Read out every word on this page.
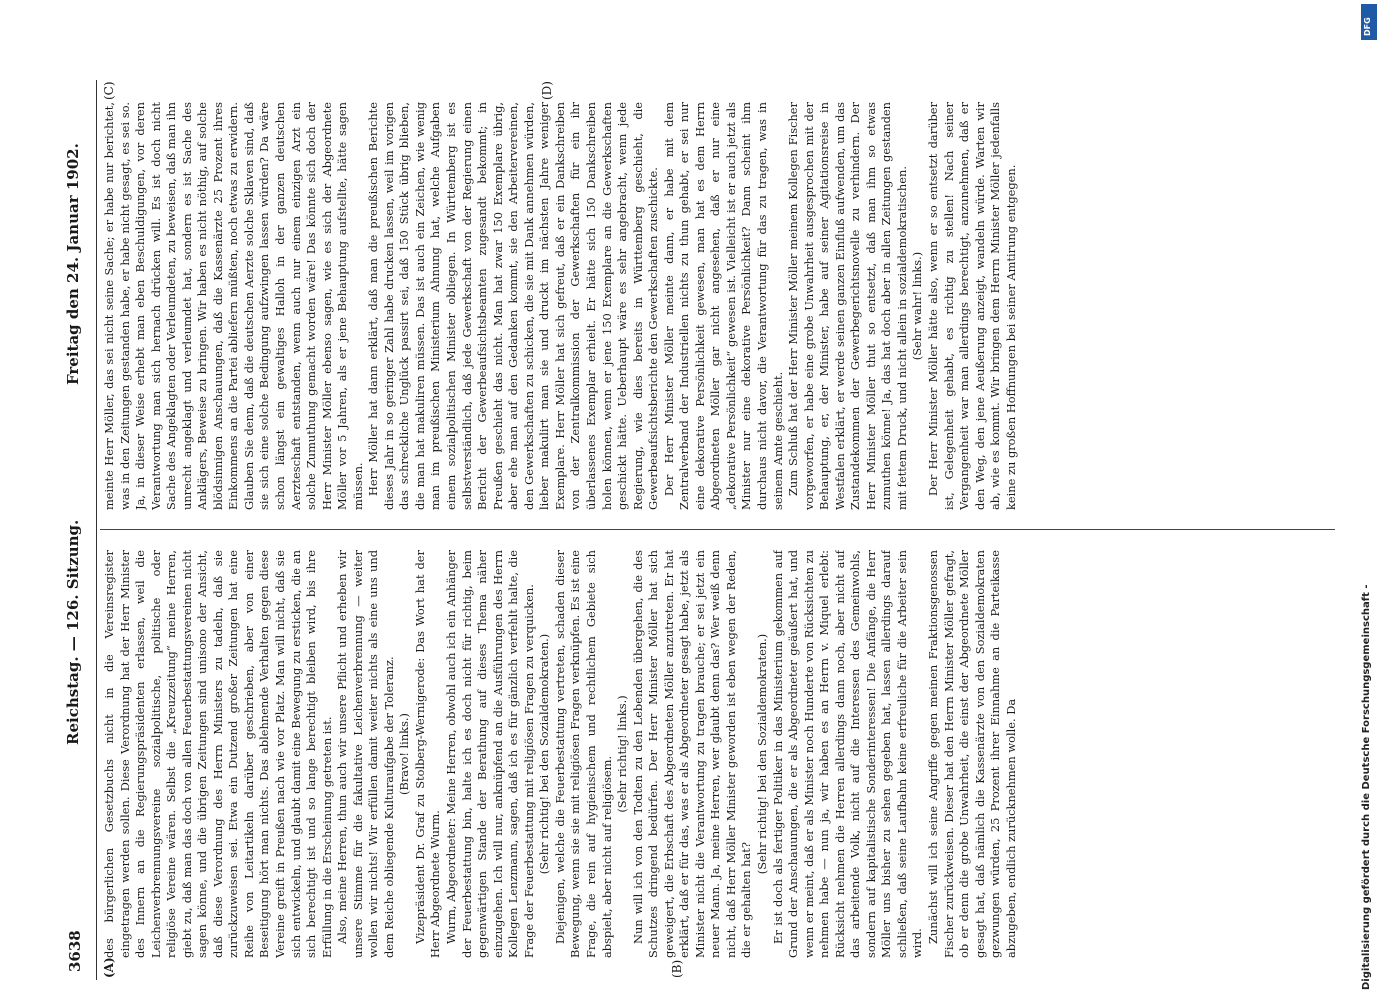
3638
Reichstag. — 126. Sitzung.
Freitag den 24. Januar 1902.
(A)	(B)
(C)	(D)

des bürgerlichen Gesetzbuchs nicht in die Vereinsregister eingetragen werden sollen. Diese Verordnung hat der Herr Minister des Innern an die Regierungspräsidenten erlassen, weil die Leichenverbrennungsvereine sozialpolitische, politische oder religiöse Vereine wären. Selbst die „Kreuzzeitung“ meine Herren, giebt zu, daß man das doch von allen Feuerbestattungsvereinen nicht sagen könne, und die übrigen Zeitungen sind unisono der Ansicht, daß diese Verordnung des Herrn Ministers zu tadeln, daß sie zurückzuweisen sei. Etwa ein Dutzend großer Zeitungen hat eine Reihe von Leitartikeln darüber geschrieben, aber von einer Beseitigung hört man nichts. Das ablehnende Verhalten gegen diese Vereine greift in Preußen nach wie vor Platz. Man will nicht, daß sie sich entwickeln, und glaubt damit eine Bewegung zu ersticken, die an sich berechtigt ist und so lange berechtigt bleiben wird, bis ihre Erfüllung in die Erscheinung getreten ist. Also, meine Herren, thun auch wir unsere Pflicht und erheben wir unsere Stimme für die fakultative Leichenverbrennung — weiter wollen wir nichts! Wir erfüllen damit weiter nichts als eine uns und dem Reiche obliegende Kulturaufgabe der Toleranz. (Bravo! links.) Vizepräsident Dr. Graf zu Stolberg-Wernigerode: Das Wort hat der Herr Abgeordnete Wurm. Wurm, Abgeordneter: Meine Herren, obwohl auch ich ein Anhänger der Feuerbestattung bin, halte ich es doch nicht für richtig, beim gegenwärtigen Stande der Berathung auf dieses Thema näher einzugehen. Ich will nur, anknüpfend an die Ausführungen des Herrn Kollegen Lenzmann, sagen, daß ich es für gänzlich verfehlt halte, die Frage der Feuerbestattung mit religiösen Fragen zu verquicken. (Sehr richtig! bei den Sozialdemokraten.) Diejenigen, welche die Feuerbestattung vertreten, schaden dieser Bewegung, wenn sie sie mit religiösen Fragen verknüpfen. Es ist eine Frage, die rein auf hygienischem und rechtlichem Gebiete sich abspielt, aber nicht auf religiösem.

(Sehr richtig! links.) Nun will ich von den Todten zu den Lebenden übergehen, die des Schutzes dringend bedürfen. Der Herr Minister Möller hat sich geweigert, die Erbschaft des Abgeordneten Möller anzutreten. Er hat erklärt, daß er für das, was er als Abgeordneter gesagt habe, jetzt als Minister nicht die Verantwortung zu tragen brauche; er sei jetzt ein neuer Mann. Ja, meine Herren, wer glaubt denn das? Wer weiß denn nicht, daß Herr Möller Minister geworden ist eben wegen der Reden, die er gehalten hat?

(Sehr richtig! bei den Sozialdemokraten.) Er ist doch als fertiger Politiker in das Ministerium gekommen auf Grund der Anschauungen, die er als Abgeordneter geäußert hat, und wenn er meint, daß er als Minister noch Hunderte von Rücksichten zu nehmen habe — nun ja, wir haben es an Herrn v. Miquel erlebt: Rücksicht nehmen die Herren allerdings dann noch, aber nicht auf das arbeitende Volk, nicht auf die Interessen des Gemeinwohls, sondern auf kapitalistische Sonderinteressen! Die Anfänge, die Herr Möller uns bisher zu sehen gegeben hat, lassen allerdings darauf schließen, daß seine Laufbahn keine erfreuliche für die Arbeiter sein wird. Zunächst will ich seine Angriffe gegen meinen Fraktionsgenossen Fischer zurückweisen. Dieser hat den Herrn Minister Möller gefragt, ob er denn die grobe Unwahrheit, die einst der Abgeordnete Möller gesagt hat, daß nämlich die Kassenärzte von den Sozialdemokraten gezwungen würden, 25 Prozent ihrer Einnahme an die Parteikasse abzugeben, endlich zurücknehmen wolle. Da

meinte Herr Möller, das sei nicht seine Sache; er habe nur berichtet, was in den Zeitungen gestanden habe, er habe nicht gesagt, es sei so. Ja, in dieser Weise erhebt man eben Beschuldigungen, vor deren Verantwortung man sich hernach drücken will. Es ist doch nicht Sache des Angeklagten oder Verleumdeten, zu beweisen, daß man ihn unrecht angeklagt und verleumdet hat, sondern es ist Sache des Anklägers, Beweise zu bringen. Wir haben es nicht nöthig, auf solche blödsinnigen Anschauungen, daß die Kassenärzte 25 Prozent ihres Einkommens an die Partei abliefern müßten, noch etwas zu erwidern. Glauben Sie denn, daß die deutschen Aerzte solche Sklaven sind, daß sie sich eine solche Bedingung aufzwingen lassen würden? Da wäre schon längst ein gewaltiges Halloh in der ganzen deutschen Aerzteschaft entstanden, wenn auch nur einem einzigen Arzt ein solche Zumuthung gemacht worden wäre! Das könnte sich doch der Herr Minister Möller ebenso sagen, wie es sich der Abgeordnete Möller vor 5 Jahren, als er jene Behauptung aufstellte, hätte sagen müssen. Herr Möller hat dann erklärt, daß man die preußischen Berichte dieses Jahr in so geringer Zahl habe drucken lassen, weil im vorigen das schreckliche Unglück passirt sei, daß 150 Stück übrig blieben, die man hat makuliren müssen. Das ist auch ein Zeichen, wie wenig man im preußischen Ministerium Ahnung hat, welche Aufgaben einem sozialpolitischen Minister obliegen. In Württemberg ist es selbstverständlich, daß jede Gewerkschaft von der Regierung einen Bericht der Gewerbeaufsichtsbeamten zugesandt bekommt; in Preußen geschieht das nicht. Man hat zwar 150 Exemplare übrig, aber ehe man auf den Gedanken kommt, sie den Arbeitervereinen, den Gewerkschaften zu schicken, die sie mit Dank annehmen würden, lieber makulirt man sie und druckt im nächsten Jahre weniger Exemplare. Herr Möller hat sich gefreut, daß er ein Dankschreiben von der Zentralkommission der Gewerkschaften für ein ihr überlassenes Exemplar erhielt. Er hätte sich 150 Dankschreiben holen können, wenn er jene 150 Exemplare an die Gewerkschaften geschickt hätte. Ueberhaupt wäre es sehr angebracht, wenn jede Regierung, wie dies bereits in Württemberg geschieht, die Gewerbeaufsichtsberichte den Gewerkschaften zuschickte. Der Herr Minister Möller meinte dann, er habe mit dem Zentralverband der Industriellen nichts zu thun gehabt, er sei nur eine dekorative Persönlichkeit gewesen, man hat es dem Herrn Abgeordneten Möller gar nicht angesehen, daß er nur eine „dekorative Persönlichkeit“ gewesen ist. Vielleicht ist er auch jetzt als Minister nur eine dekorative Persönlichkeit? Dann scheint ihm durchaus nicht davor, die Verantwortung für das zu tragen, was in seinem Amte geschieht. Zum Schluß hat der Herr Minister Möller meinem Kollegen Fischer vorgeworfen, er habe eine grobe Unwahrheit ausgesprochen mit der Behauptung, er, der Minister, habe auf seiner Agitationsreise in Westfalen erklärt, er werde seinen ganzen Einfluß aufwenden, um das Zustandekommen der Gewerbegerichtsnovelle zu verhindern. Der Herr Minister Möller thut so entsetzt, daß man ihm so etwas zumuthen könne! Ja, das hat doch aber in allen Zeitungen gestanden mit fettem Druck, und nicht allein in sozialdemokratischen. (Sehr wahr! links.) Der Herr Minister Möller hätte also, wenn er so entsetzt darüber ist, Gelegenheit gehabt, es richtig zu stellen! Nach seiner Vergangenheit war man allerdings berechtigt, anzunehmen, daß er den Weg, den jene Aeußerung anzeigt, wandeln würde. Warten wir ab, wie es kommt. Wir bringen dem Herrn Minister Möller jedenfalls keine zu großen Hoffnungen bei seiner Amtirung entgegen.

DFG
Digitalisierung gefördert durch die Deutsche Forschungsgemeinschaft -
